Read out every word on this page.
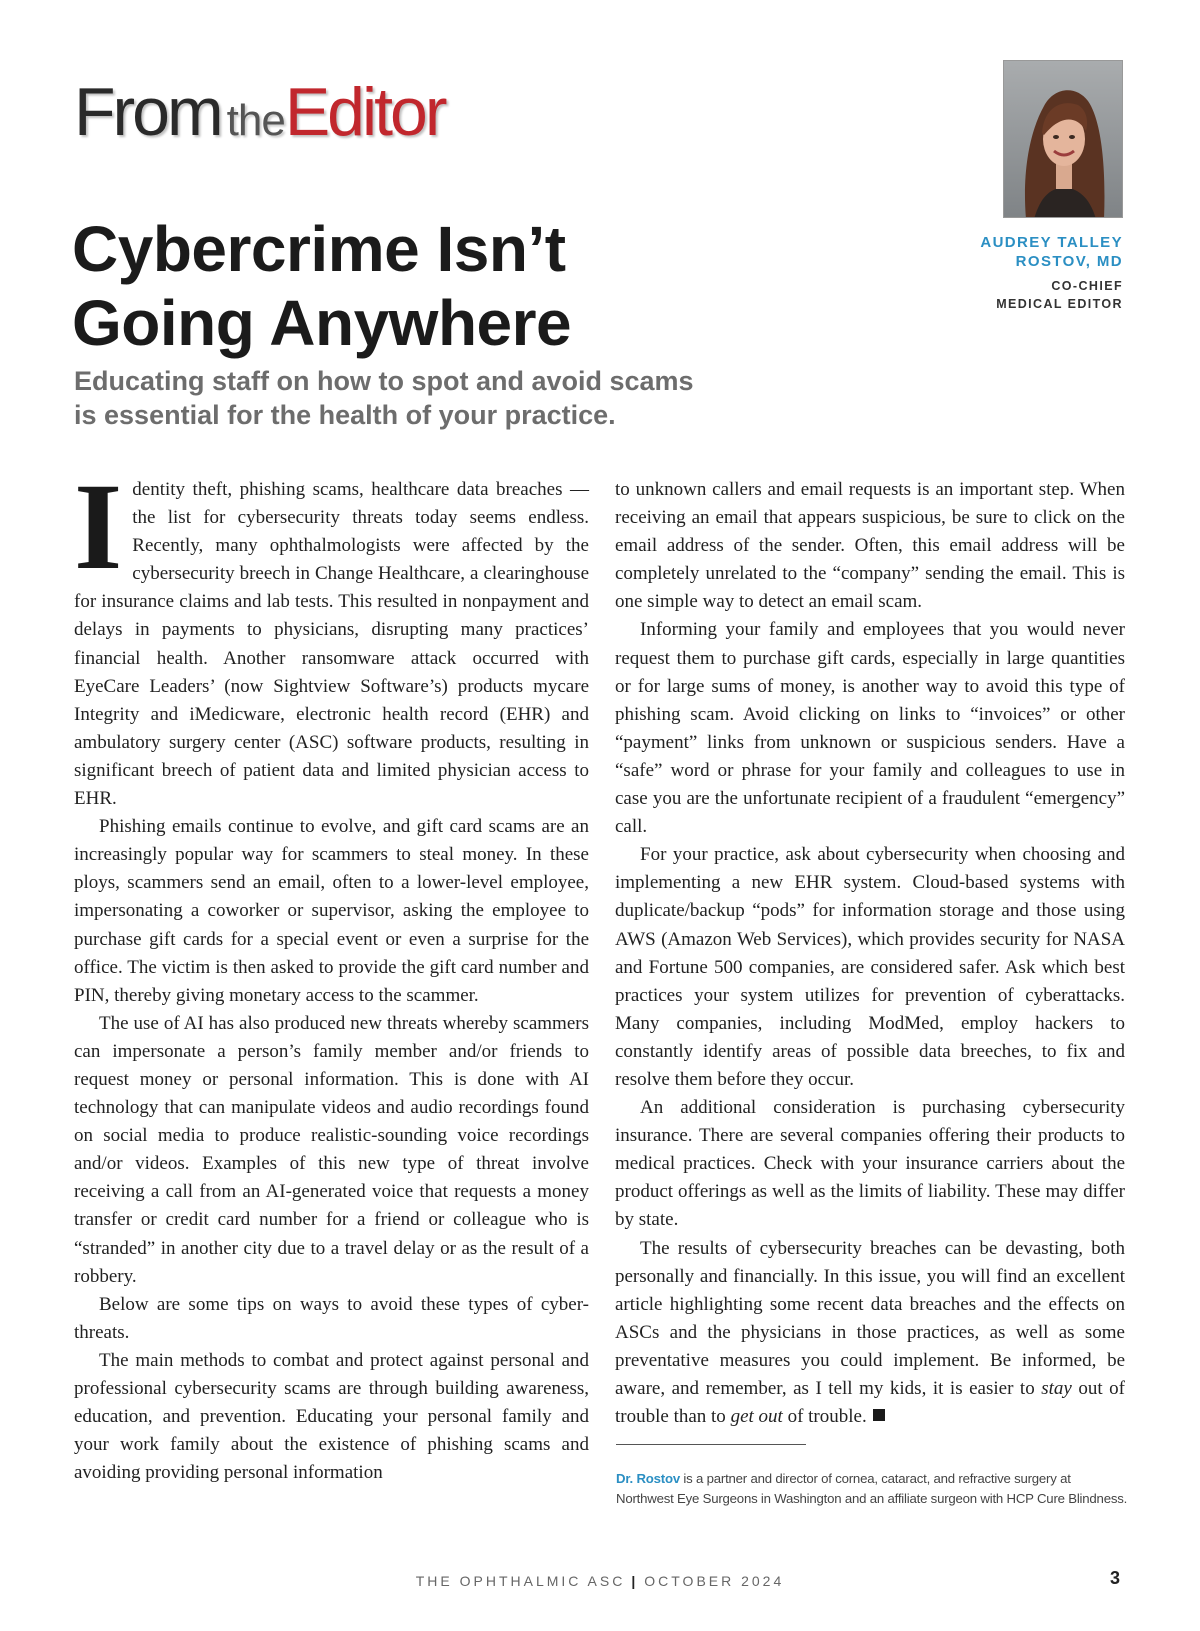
From theEditor
Cybercrime Isn’t
Going Anywhere
Educating staff on how to spot and avoid scams
is essential for the health of your practice.
AUDREY TALLEY
ROSTOV, MD
CO-CHIEF
MEDICAL EDITOR

Identity theft, phishing scams, healthcare data breaches — the list for cybersecurity threats today seems endless. Recently, many ophthalmologists were affected by the cybersecurity breech in Change Healthcare, a clearinghouse for insurance claims and lab tests. This resulted in nonpayment and delays in payments to physicians, disrupting many practices’ financial health. Another ransomware attack occurred with EyeCare Leaders’ (now Sightview Software’s) products mycare Integrity and iMedicware, electronic health record (EHR) and ambulatory surgery center (ASC) software products, resulting in significant breech of patient data and limited physician access to EHR.

Phishing emails continue to evolve, and gift card scams are an increasingly popular way for scammers to steal money. In these ploys, scammers send an email, often to a lower-level employee, impersonating a coworker or supervisor, asking the employee to purchase gift cards for a special event or even a surprise for the office. The victim is then asked to provide the gift card number and PIN, thereby giving monetary access to the scammer.

The use of AI has also produced new threats whereby scammers can impersonate a person’s family member and/or friends to request money or personal information. This is done with AI technology that can manipulate videos and audio recordings found on social media to produce realistic-sounding voice recordings and/or videos. Examples of this new type of threat involve receiving a call from an AI-generated voice that requests a money transfer or credit card number for a friend or colleague who is “stranded” in another city due to a travel delay or as the result of a robbery.

Below are some tips on ways to avoid these types of cyber-threats.

The main methods to combat and protect against personal and professional cybersecurity scams are through building awareness, education, and prevention. Educating your personal family and your work family about the existence of phishing scams and avoiding providing personal information

to unknown callers and email requests is an important step. When receiving an email that appears suspicious, be sure to click on the email address of the sender. Often, this email address will be completely unrelated to the “company” sending the email. This is one simple way to detect an email scam.

Informing your family and employees that you would never request them to purchase gift cards, especially in large quantities or for large sums of money, is another way to avoid this type of phishing scam. Avoid clicking on links to “invoices” or other “payment” links from unknown or suspicious senders. Have a “safe” word or phrase for your family and colleagues to use in case you are the unfortunate recipient of a fraudulent “emergency” call.

For your practice, ask about cybersecurity when choosing and implementing a new EHR system. Cloud-based systems with duplicate/backup “pods” for information storage and those using AWS (Amazon Web Services), which provides security for NASA and Fortune 500 companies, are considered safer. Ask which best practices your system utilizes for prevention of cyberattacks. Many companies, including ModMed, employ hackers to constantly identify areas of possible data breeches, to fix and resolve them before they occur.

An additional consideration is purchasing cybersecurity insurance. There are several companies offering their products to medical practices. Check with your insurance carriers about the product offerings as well as the limits of liability. These may differ by state.

The results of cybersecurity breaches can be devasting, both personally and financially. In this issue, you will find an excellent article highlighting some recent data breaches and the effects on ASCs and the physicians in those practices, as well as some preventative measures you could implement. Be informed, be aware, and remember, as I tell my kids, it is easier to stay out of trouble than to get out of trouble.

Dr. Rostov is a partner and director of cornea, cataract, and refractive surgery at Northwest Eye Surgeons in Washington and an affiliate surgeon with HCP Cure Blindness.
THE OPHTHALMIC ASC | OCTOBER 2024	3
